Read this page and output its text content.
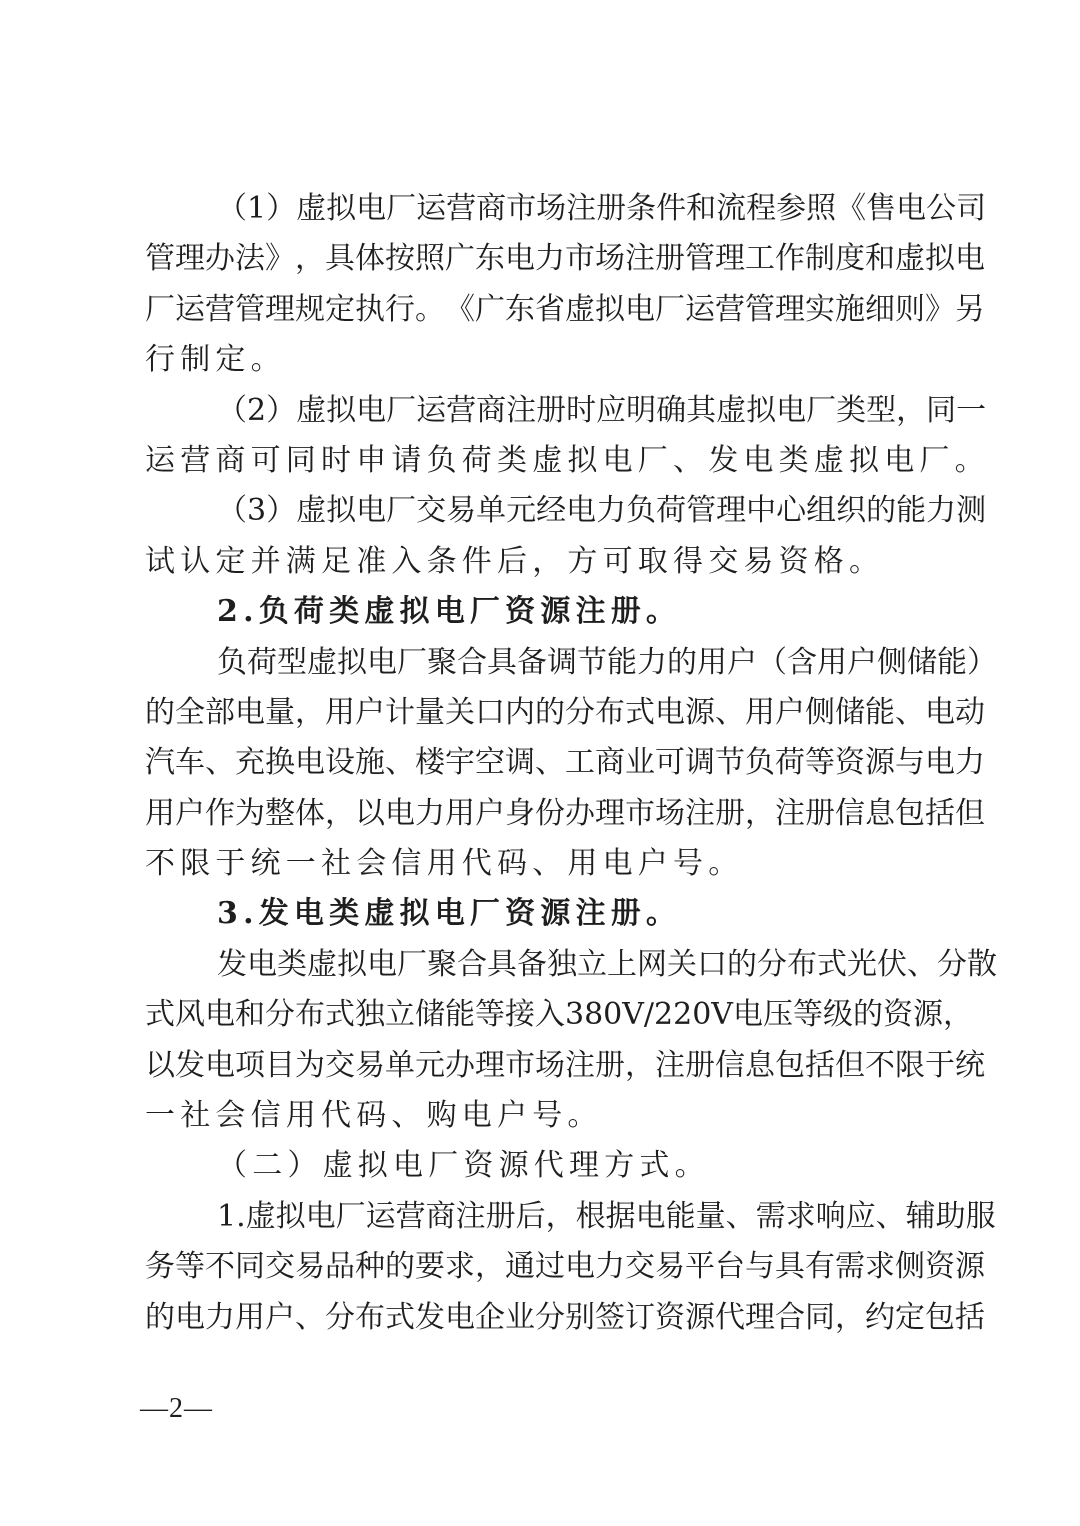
（ 1 ） 虚 拟 电 厂 运 营 商 市 场 注 册 条 件 和 流 程 参 照 《 售 电 公 司
管 理 办 法 》 ， 具 体 按 照 广 东 电 力 市 场 注 册 管 理 工 作 制 度 和 虚 拟 电
厂 运 营 管 理 规 定 执 行 。 《 广 东 省 虚 拟 电 厂 运 营 管 理 实 施 细 则 》 另
行制定。
（ 2 ） 虚 拟 电 厂 运 营 商 注 册 时 应 明 确 其 虚 拟 电 厂 类 型 ， 同 一
运营商可同时申请负荷类虚拟电厂、发电类虚拟电厂。
（ 3 ） 虚 拟 电 厂 交 易 单 元 经 电 力 负 荷 管 理 中 心 组 织 的 能 力 测
试认定并满足准入条件后，方可取得交易资格。
2.负荷类虚拟电厂资源注册。
负 荷 型 虚 拟 电 厂 聚 合 具 备 调 节 能 力 的 用 户 （ 含 用 户 侧 储 能 ）
的 全 部 电 量 ， 用 户 计 量 关 口 内 的 分 布 式 电 源 、 用 户 侧 储 能 、 电 动
汽 车 、 充 换 电 设 施 、 楼 宇 空 调 、 工 商 业 可 调 节 负 荷 等 资 源 与 电 力
用 户 作 为 整 体 ， 以 电 力 用 户 身 份 办 理 市 场 注 册 ， 注 册 信 息 包 括 但
不限于统一社会信用代码、用电户号。
3.发电类虚拟电厂资源注册。
发 电 类 虚 拟 电 厂 聚 合 具 备 独 立 上 网 关 口 的 分 布 式 光 伏 、 分 散
式 风 电 和 分 布 式 独 立 储 能 等 接 入 380V/220V 电 压 等 级 的 资 源 ，
以 发 电 项 目 为 交 易 单 元 办 理 市 场 注 册 ， 注 册 信 息 包 括 但 不 限 于 统
一社会信用代码、购电户号。
（二）虚拟电厂资源代理方式。
1. 虚 拟 电 厂 运 营 商 注 册 后 ， 根 据 电 能 量 、 需 求 响 应 、 辅 助 服
务 等 不 同 交 易 品 种 的 要 求 ， 通 过 电 力 交 易 平 台 与 具 有 需 求 侧 资 源
的 电 力 用 户 、 分 布 式 发 电 企 业 分 别 签 订 资 源 代 理 合 同 ， 约 定 包 括
—2—
